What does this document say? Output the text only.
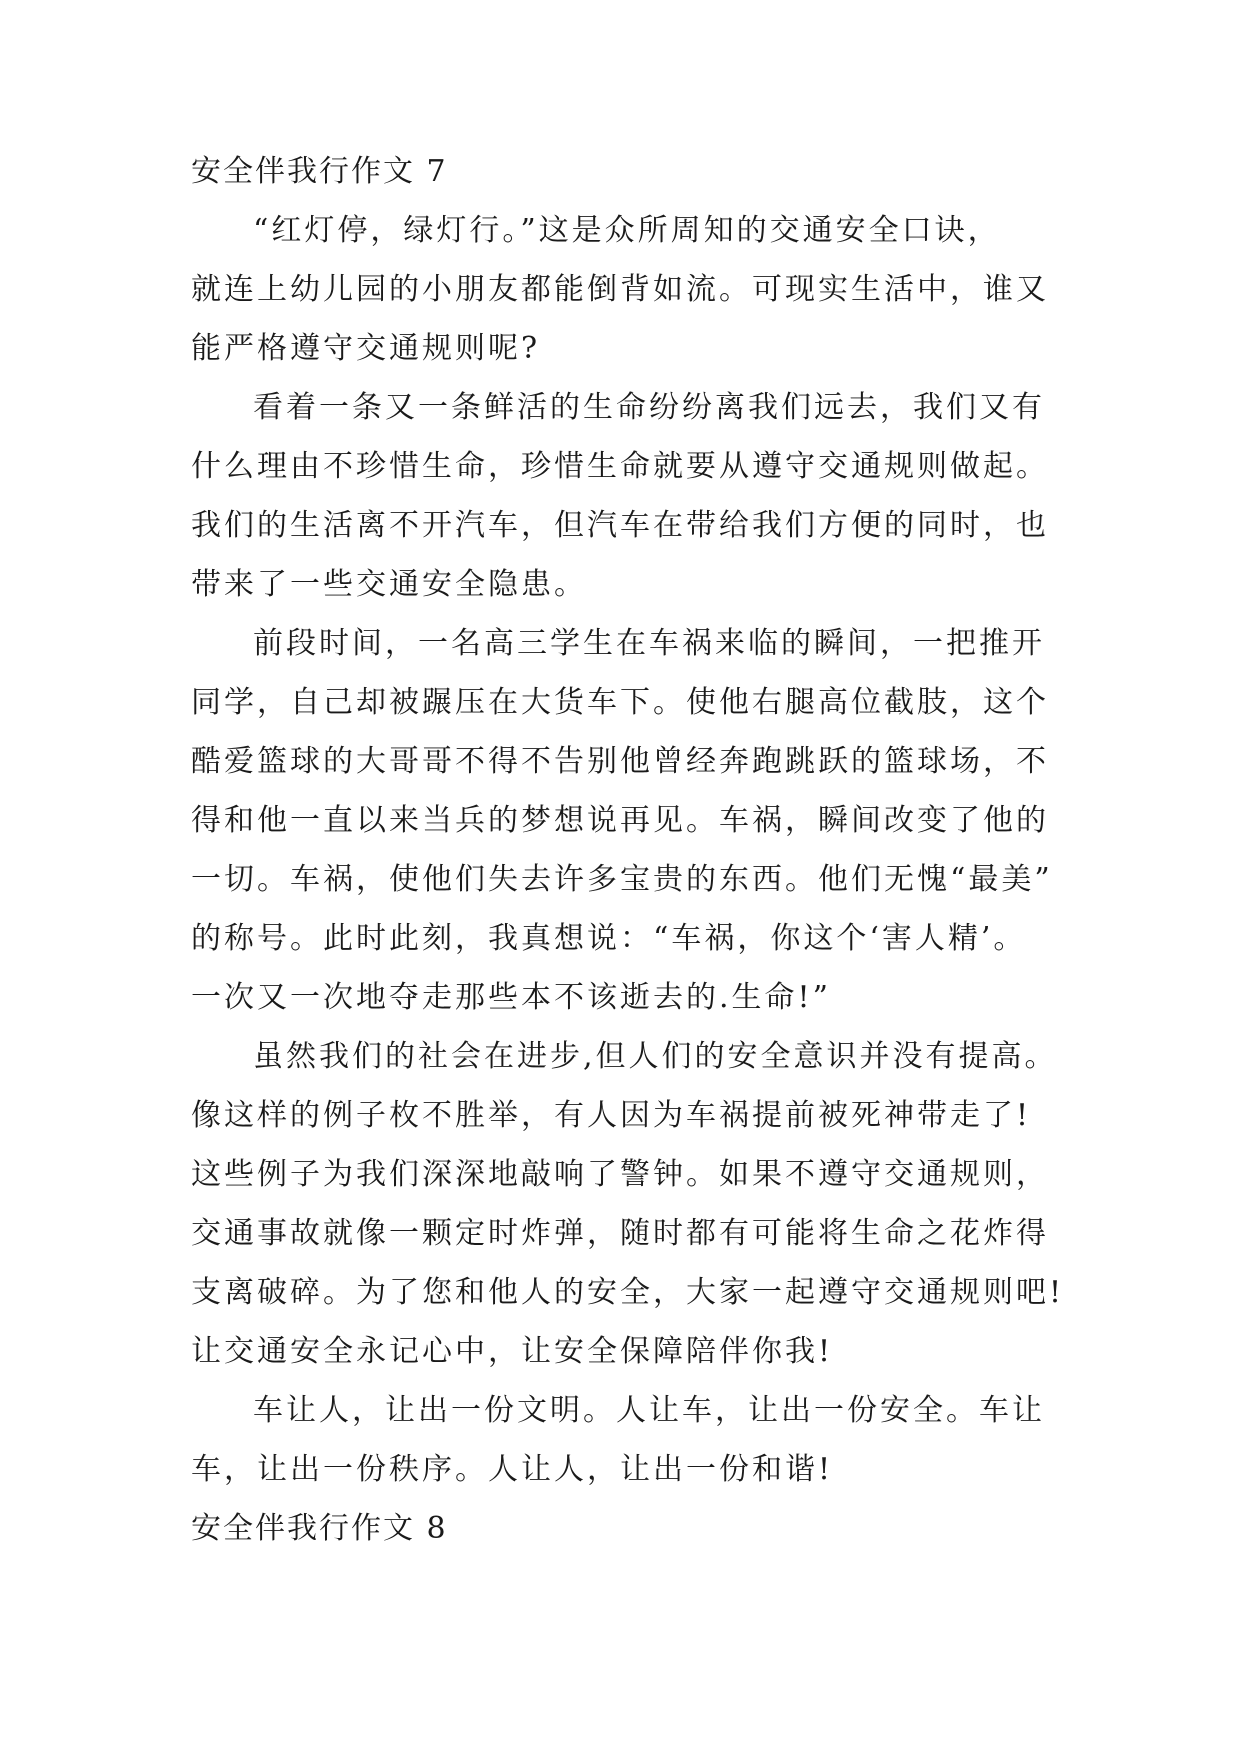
安全伴我行作文 7
“红灯停，绿灯行。”这是众所周知的交通安全口诀，
就连上幼儿园的小朋友都能倒背如流。可现实生活中，谁又
能严格遵守交通规则呢?
看着一条又一条鲜活的生命纷纷离我们远去，我们又有
什么理由不珍惜生命，珍惜生命就要从遵守交通规则做起。
我们的生活离不开汽车，但汽车在带给我们方便的同时，也
带来了一些交通安全隐患。
前段时间，一名高三学生在车祸来临的瞬间，一把推开
同学，自己却被蹍压在大货车下。使他右腿高位截肢，这个
酷爱篮球的大哥哥不得不告别他曾经奔跑跳跃的篮球场，不
得和他一直以来当兵的梦想说再见。车祸，瞬间改变了他的
一切。车祸，使他们失去许多宝贵的东西。他们无愧“最美”
的称号。此时此刻，我真想说：“车祸，你这个‘害人精’。
一次又一次地夺走那些本不该逝去的.生命!”
虽然我们的社会在进步,但人们的安全意识并没有提高。
像这样的例子枚不胜举，有人因为车祸提前被死神带走了!
这些例子为我们深深地敲响了警钟。如果不遵守交通规则，
交通事故就像一颗定时炸弹，随时都有可能将生命之花炸得
支离破碎。为了您和他人的安全，大家一起遵守交通规则吧!
让交通安全永记心中，让安全保障陪伴你我!
车让人，让出一份文明。人让车，让出一份安全。车让
车，让出一份秩序。人让人，让出一份和谐!
安全伴我行作文 8
